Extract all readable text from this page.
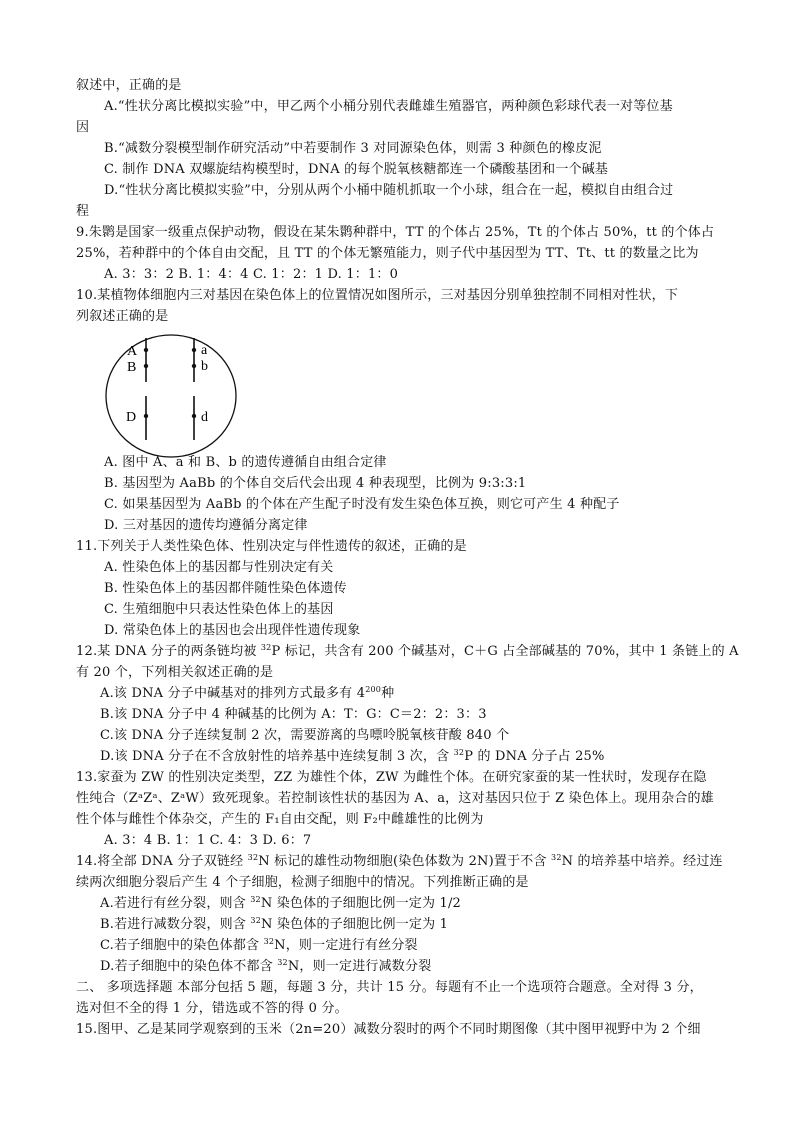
叙述中，正确的是
A.“性状分离比模拟实验”中，甲乙两个小桶分别代表雌雄生殖器官，两种颜色彩球代表一对等位基
因
B.“减数分裂模型制作研究活动”中若要制作 3 对同源染色体，则需 3 种颜色的橡皮泥
C. 制作 DNA 双螺旋结构模型时，DNA 的每个脱氧核糖都连一个磷酸基团和一个碱基
D.“性状分离比模拟实验”中，分别从两个小桶中随机抓取一个小球，组合在一起，模拟自由组合过
程
9.朱鹮是国家一级重点保护动物，假设在某朱鹮种群中，TT 的个体占 25%，Tt 的个体占 50%，tt 的个体占
25%，若种群中的个体自由交配，且 TT 的个体无繁殖能力，则子代中基因型为 TT、Tt、tt 的数量之比为
A. 3：3：2 B. 1：4：4 C. 1：2：1 D. 1：1：0
10.某植物体细胞内三对基因在染色体上的位置情况如图所示，三对基因分别单独控制不同相对性状，下
列叙述正确的是
A
B
D
a
b
d
A. 图中 A、a 和 B、b 的遗传遵循自由组合定律
B. 基因型为 AaBb 的个体自交后代会出现 4 种表现型，比例为 9:3:3:1
C. 如果基因型为 AaBb 的个体在产生配子时没有发生染色体互换，则它可产生 4 种配子
D. 三对基因的遗传均遵循分离定律
11.下列关于人类性染色体、性别决定与伴性遗传的叙述，正确的是
A. 性染色体上的基因都与性别决定有关
B. 性染色体上的基因都伴随性染色体遗传
C. 生殖细胞中只表达性染色体上的基因
D. 常染色体上的基因也会出现伴性遗传现象
12.某 DNA 分子的两条链均被 $^{32}$P 标记，共含有 200 个碱基对，C＋G 占全部碱基的 70%，其中 1 条链上的 A
有 20 个，下列相关叙述正确的是
A.该 DNA 分子中碱基对的排列方式最多有 $4^{200}$种
B.该 DNA 分子中 4 种碱基的比例为 A：T：G：C＝2：2：3：3
C.该 DNA 分子连续复制 2 次，需要游离的鸟嘌呤脱氧核苷酸 840 个
D.该 DNA 分子在不含放射性的培养基中连续复制 3 次，含 $^{32}$P 的 DNA 分子占 25%
13.家蚕为 ZW 的性别决定类型，ZZ 为雄性个体，ZW 为雌性个体。在研究家蚕的某一性状时，发现存在隐
性纯合（ZᵃZᵃ、ZᵃW）致死现象。若控制该性状的基因为 A、a，这对基因只位于 Z 染色体上。现用杂合的雄
性个体与雌性个体杂交，产生的 F₁自由交配，则 F₂中雌雄性的比例为
A. 3：4 B. 1：1 C. 4：3 D. 6：7
14.将全部 DNA 分子双链经 $^{32}$N 标记的雄性动物细胞(染色体数为 2N)置于不含 $^{32}$N 的培养基中培养。经过连
续两次细胞分裂后产生 4 个子细胞，检测子细胞中的情况。下列推断正确的是
A.若进行有丝分裂，则含 $^{32}$N 染色体的子细胞比例一定为 1/2
B.若进行减数分裂，则含 $^{32}$N 染色体的子细胞比例一定为 1
C.若子细胞中的染色体都含 $^{32}$N，则一定进行有丝分裂
D.若子细胞中的染色体不都含 $^{32}$N，则一定进行减数分裂
二、 多项选择题 本部分包括 5 题，每题 3 分，共计 15 分。每题有不止一个选项符合题意。全对得 3 分，
选对但不全的得 1 分，错选或不答的得 0 分。
15.图甲、乙是某同学观察到的玉米（2n=20）减数分裂时的两个不同时期图像（其中图甲视野中为 2 个细
